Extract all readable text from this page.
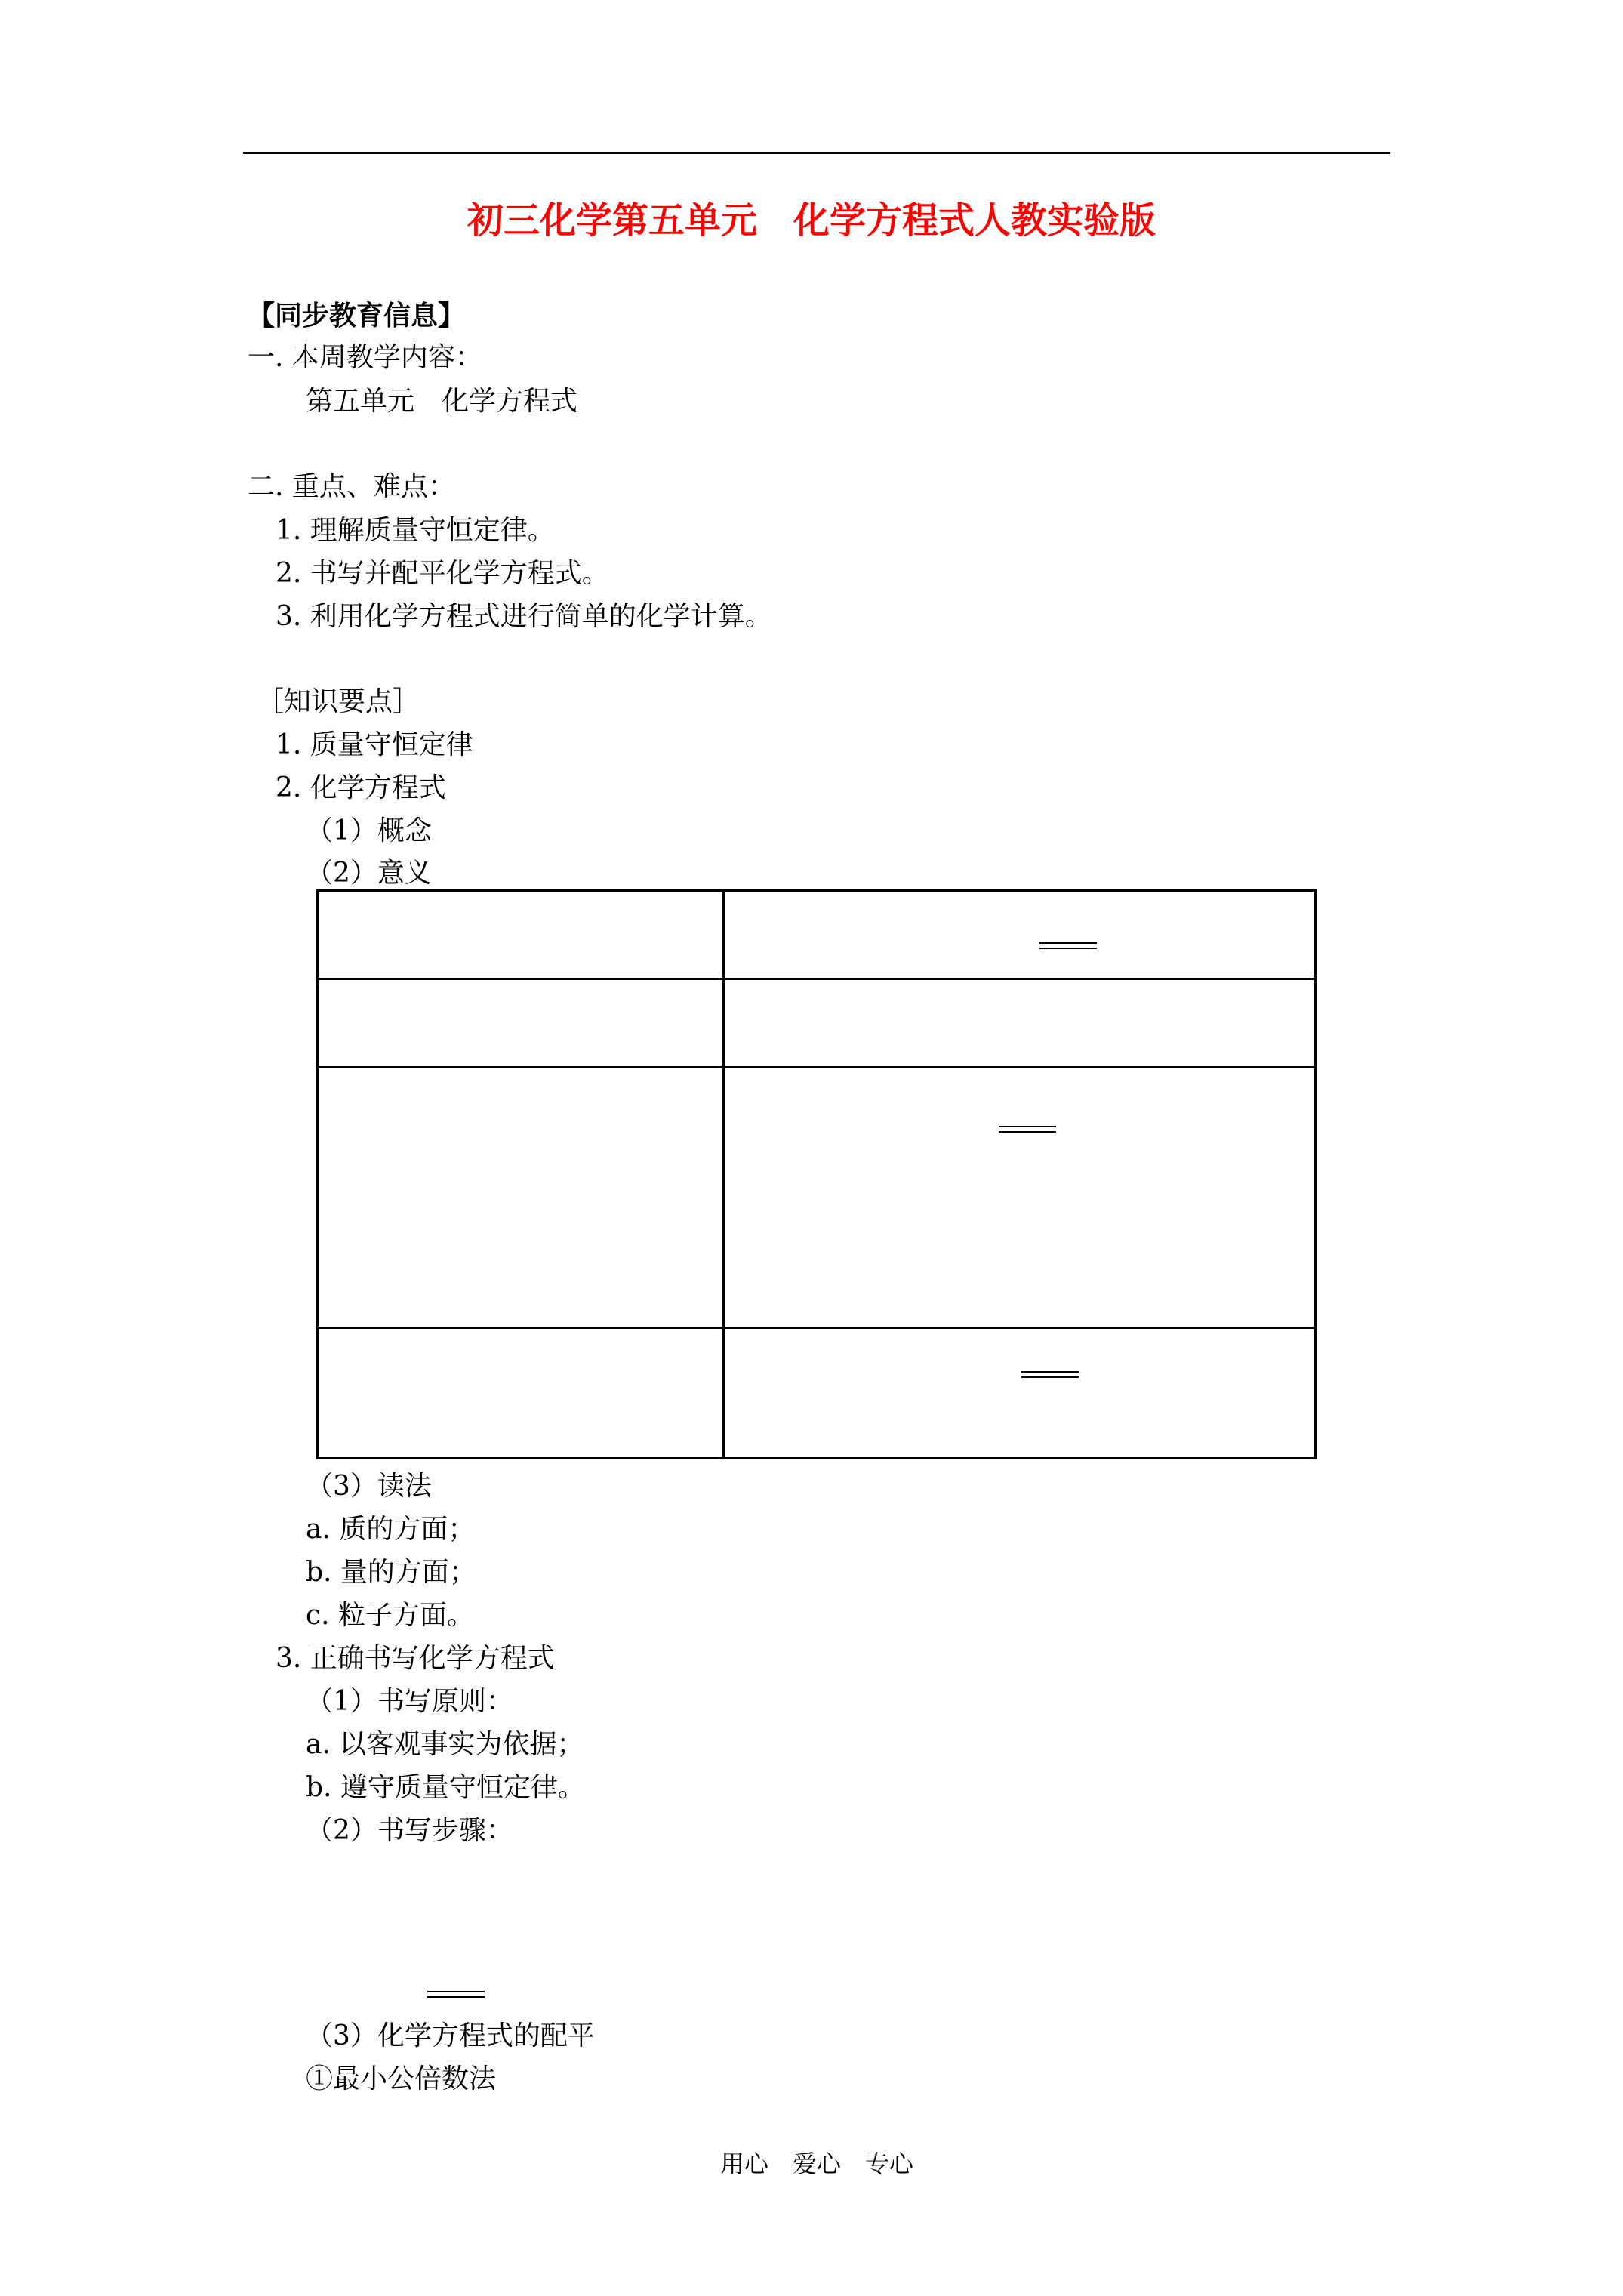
初三化学第五单元　化学方程式人教实验版
【同步教育信息】
一. 本周教学内容：
第五单元　化学方程式
二. 重点、难点：
1. 理解质量守恒定律。
2. 书写并配平化学方程式。
3. 利用化学方程式进行简单的化学计算。
［知识要点］
1. 质量守恒定律
2. 化学方程式
（1）概念
（2）意义

（3）读法
a. 质的方面；
b. 量的方面；
c. 粒子方面。
3. 正确书写化学方程式
（1）书写原则：
a. 以客观事实为依据；
b. 遵守质量守恒定律。
（2）书写步骤：
（3）化学方程式的配平
①最小公倍数法
用心　爱心　专心
